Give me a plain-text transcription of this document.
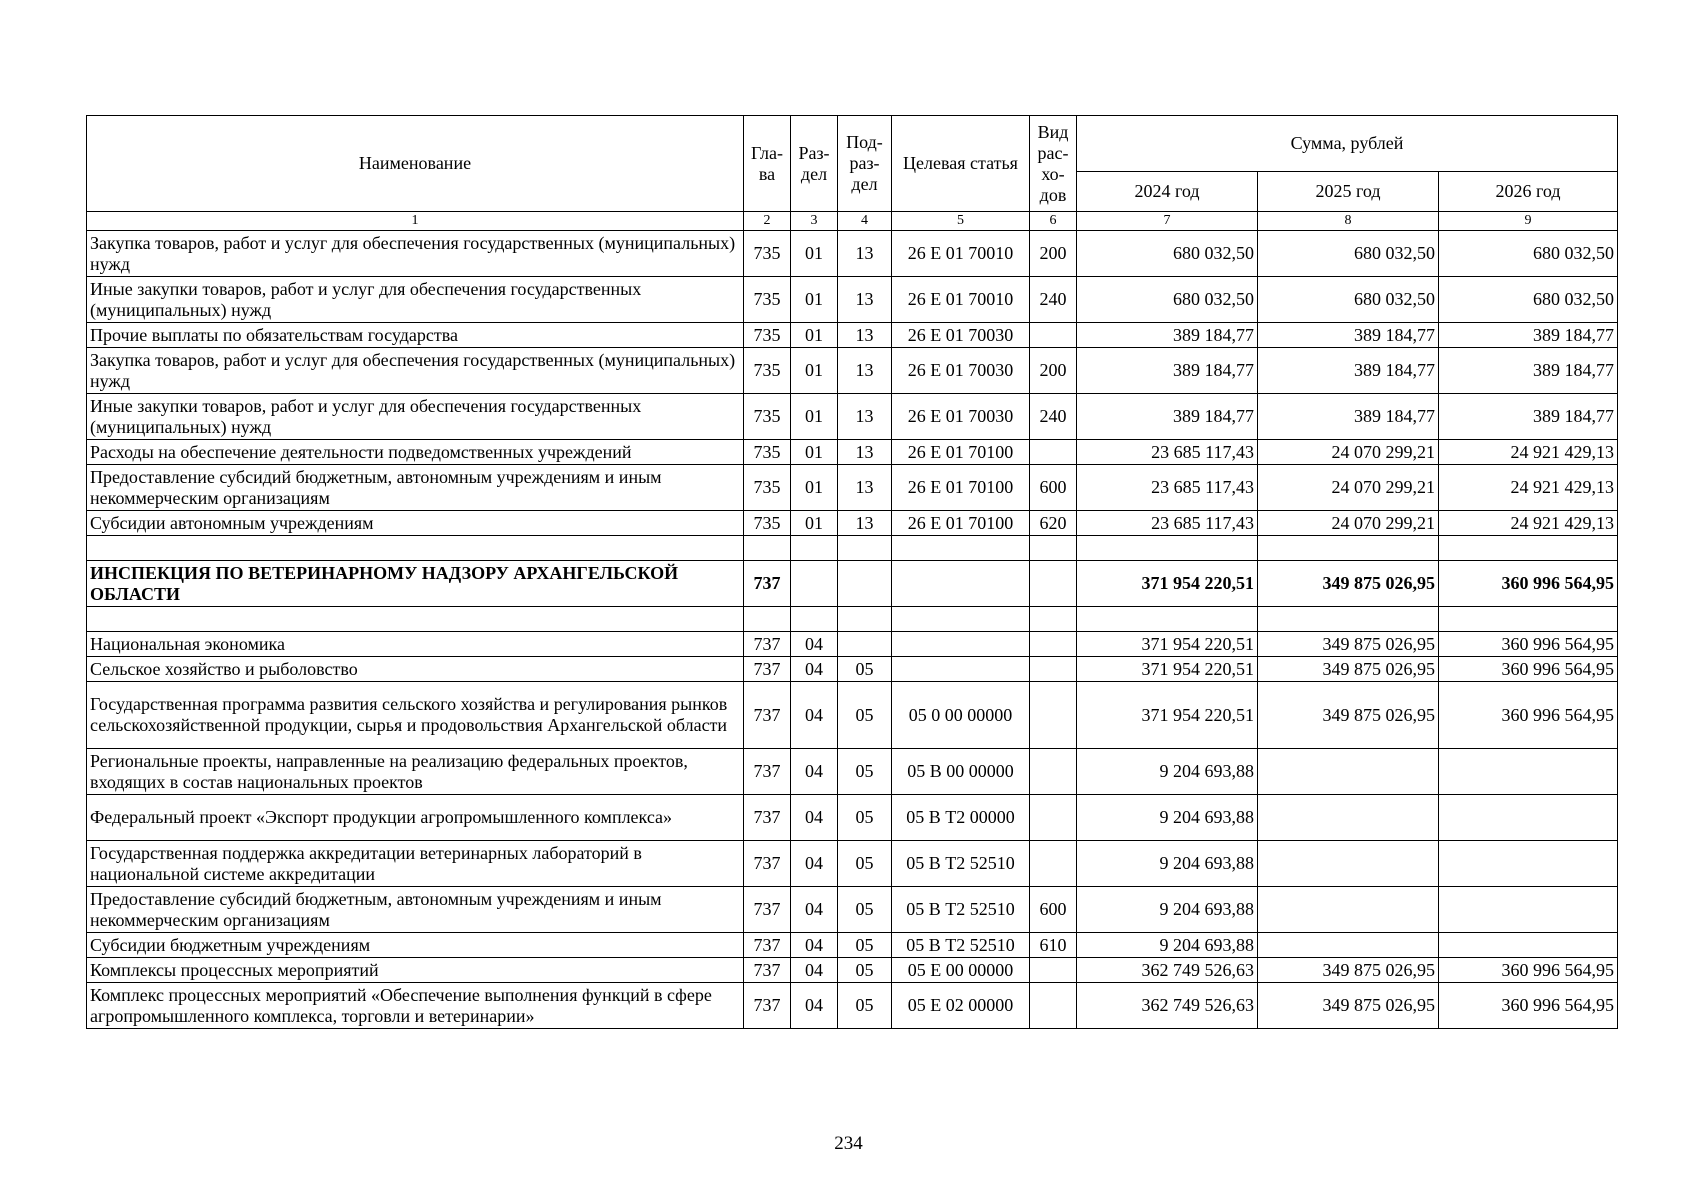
Наименование	Гла-ва	Раз-дел	Под-раз-дел	Целевая статья	Вид рас-хо-дов	Сумма, рублей		
						2024 год	2025 год	2026 год
1	2	3	4	5	6	7	8	9
Закупка товаров, работ и услуг для обеспечения государственных (муниципальных) нужд	735	01	13	26 Е 01 70010	200	680 032,50	680 032,50	680 032,50
Иные закупки товаров, работ и услуг для обеспечения государственных (муниципальных) нужд	735	01	13	26 Е 01 70010	240	680 032,50	680 032,50	680 032,50
Прочие выплаты по обязательствам государства	735	01	13	26 Е 01 70030		389 184,77	389 184,77	389 184,77
Закупка товаров, работ и услуг для обеспечения государственных (муниципальных) нужд	735	01	13	26 Е 01 70030	200	389 184,77	389 184,77	389 184,77
Иные закупки товаров, работ и услуг для обеспечения государственных (муниципальных) нужд	735	01	13	26 Е 01 70030	240	389 184,77	389 184,77	389 184,77
Расходы на обеспечение деятельности подведомственных учреждений	735	01	13	26 Е 01 70100		23 685 117,43	24 070 299,21	24 921 429,13
Предоставление субсидий бюджетным, автономным учреждениям и иным некоммерческим организациям	735	01	13	26 Е 01 70100	600	23 685 117,43	24 070 299,21	24 921 429,13
Субсидии автономным учреждениям	735	01	13	26 Е 01 70100	620	23 685 117,43	24 070 299,21	24 921 429,13

ИНСПЕКЦИЯ ПО ВЕТЕРИНАРНОМУ НАДЗОРУ АРХАНГЕЛЬСКОЙ ОБЛАСТИ	737					371 954 220,51	349 875 026,95	360 996 564,95

Национальная экономика	737	04				371 954 220,51	349 875 026,95	360 996 564,95
Сельское хозяйство и рыболовство	737	04	05			371 954 220,51	349 875 026,95	360 996 564,95
Государственная программа развития сельского хозяйства и регулирования рынков сельскохозяйственной продукции, сырья и продовольствия Архангельской области	737	04	05	05 0 00 00000		371 954 220,51	349 875 026,95	360 996 564,95
Региональные проекты, направленные на реализацию федеральных проектов, входящих в состав национальных проектов	737	04	05	05 В 00 00000		9 204 693,88		
Федеральный проект «Экспорт продукции агропромышленного комплекса»	737	04	05	05 В Т2 00000		9 204 693,88		
Государственная поддержка аккредитации ветеринарных лабораторий в национальной системе аккредитации	737	04	05	05 В Т2 52510		9 204 693,88		
Предоставление субсидий бюджетным, автономным учреждениям и иным некоммерческим организациям	737	04	05	05 В Т2 52510	600	9 204 693,88		
Субсидии бюджетным учреждениям	737	04	05	05 В Т2 52510	610	9 204 693,88		
Комплексы процессных мероприятий	737	04	05	05 Е 00 00000		362 749 526,63	349 875 026,95	360 996 564,95
Комплекс процессных мероприятий «Обеспечение выполнения функций в сфере агропромышленного комплекса, торговли и ветеринарии»	737	04	05	05 Е 02 00000		362 749 526,63	349 875 026,95	360 996 564,95
234
